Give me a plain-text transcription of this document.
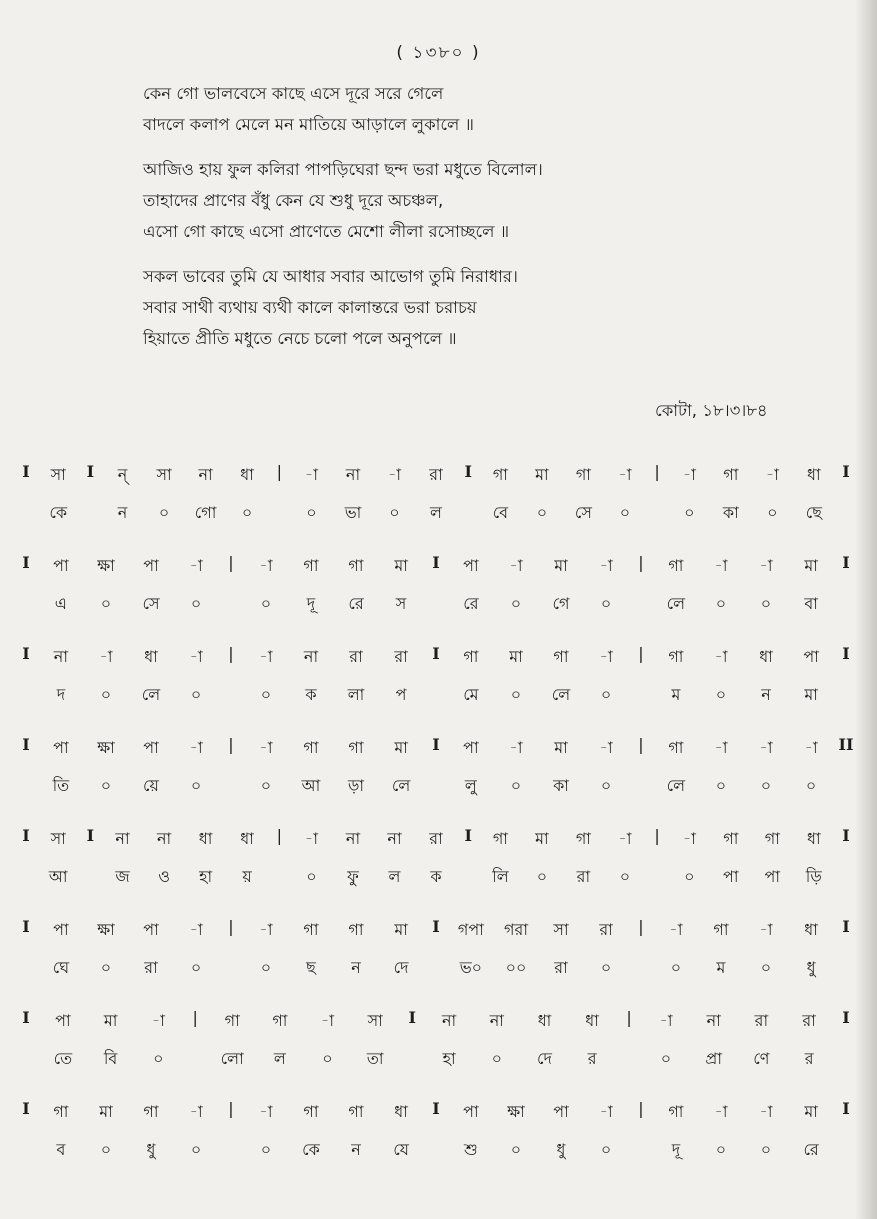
( ১৩৮০ )
কেন গো ভালবেসে কাছে এসে দূরে সরে গেলে
বাদলে কলাপ মেলে মন মাতিয়ে আড়ালে লুকালে ॥
আজিও হায় ফুল কলিরা পাপড়িঘেরা ছন্দ ভরা মধুতে বিলোল।
তাহাদের প্রাণের বঁধু কেন যে শুধু দূরে অচঞ্চল,
এসো গো কাছে এসো প্রাণেতে মেশো লীলা রসোচ্ছলে ॥
সকল ভাবের তুমি যে আধার সবার আভোগ তুমি নিরাধার।
সবার সাথী ব্যথায় ব্যথী কালে কালান্তরে ভরা চরাচয়
হিয়াতে প্রীতি মধুতে নেচে চলো পলে অনুপলে ॥
কোটা, ১৮।৩।৮৪
I	সা	I	ন্	সা	না	ধা	|	-া	না	-া	রা	I	গা	মা	গা	-া	|	-া	গা	-া	ধা	I
কে	ন	০	গো	০	০	ভা	০	ল	বে	০	সে	০	০	কা	০	ছে
I	পা	ক্ষা	পা	-া	|	-া	গা	গা	মা	I	পা	-া	মা	-া	|	গা	-া	-া	মা	I
এ	০	সে	০	০	দূ	রে	স	রে	০	গে	০	লে	০	০	বা
I	না	-া	ধা	-া	|	-া	না	রা	রা	I	গা	মা	গা	-া	|	গা	-া	ধা	পা	I
দ	০	লে	০	০	ক	লা	প	মে	০	লে	০	ম	০	ন	মা
I	পা	ক্ষা	পা	-া	|	-া	গা	গা	মা	I	পা	-া	মা	-া	|	গা	-া	-া	-া	II
তি	০	য়ে	০	০	আ	ড়া	লে	লু	০	কা	০	লে	০	০	০
I	সা	I	না	না	ধা	ধা	|	-া	না	না	রা	I	গা	মা	গা	-া	|	-া	গা	গা	ধা	I
আ	জ	ও	হা	য়	০	ফু	ল	ক	লি	০	রা	০	০	পা	পা	ড়ি
I	পা	ক্ষা	পা	-া	|	-া	গা	গা	মা	I	গপা	গরা	সা	রা	|	-া	গা	-া	ধা	I
ঘে	০	রা	০	০	ছ	ন	দে	ভ০	০০	রা	০	০	ম	০	ধু
I	পা	মা	-া	|	গা	গা	-া	সা	I	না	না	ধা	ধা	|	-া	না	রা	রা	I
তে	বি	০	লো	ল	০	তা	হা	০	দে	র	০	প্রা	ণে	র
I	গা	মা	গা	-া	|	-া	গা	গা	ধা	I	পা	ক্ষা	পা	-া	|	গা	-া	-া	মা	I
ব	০	ধু	০	০	কে	ন	যে	শু	০	ধু	০	দূ	০	০	রে
